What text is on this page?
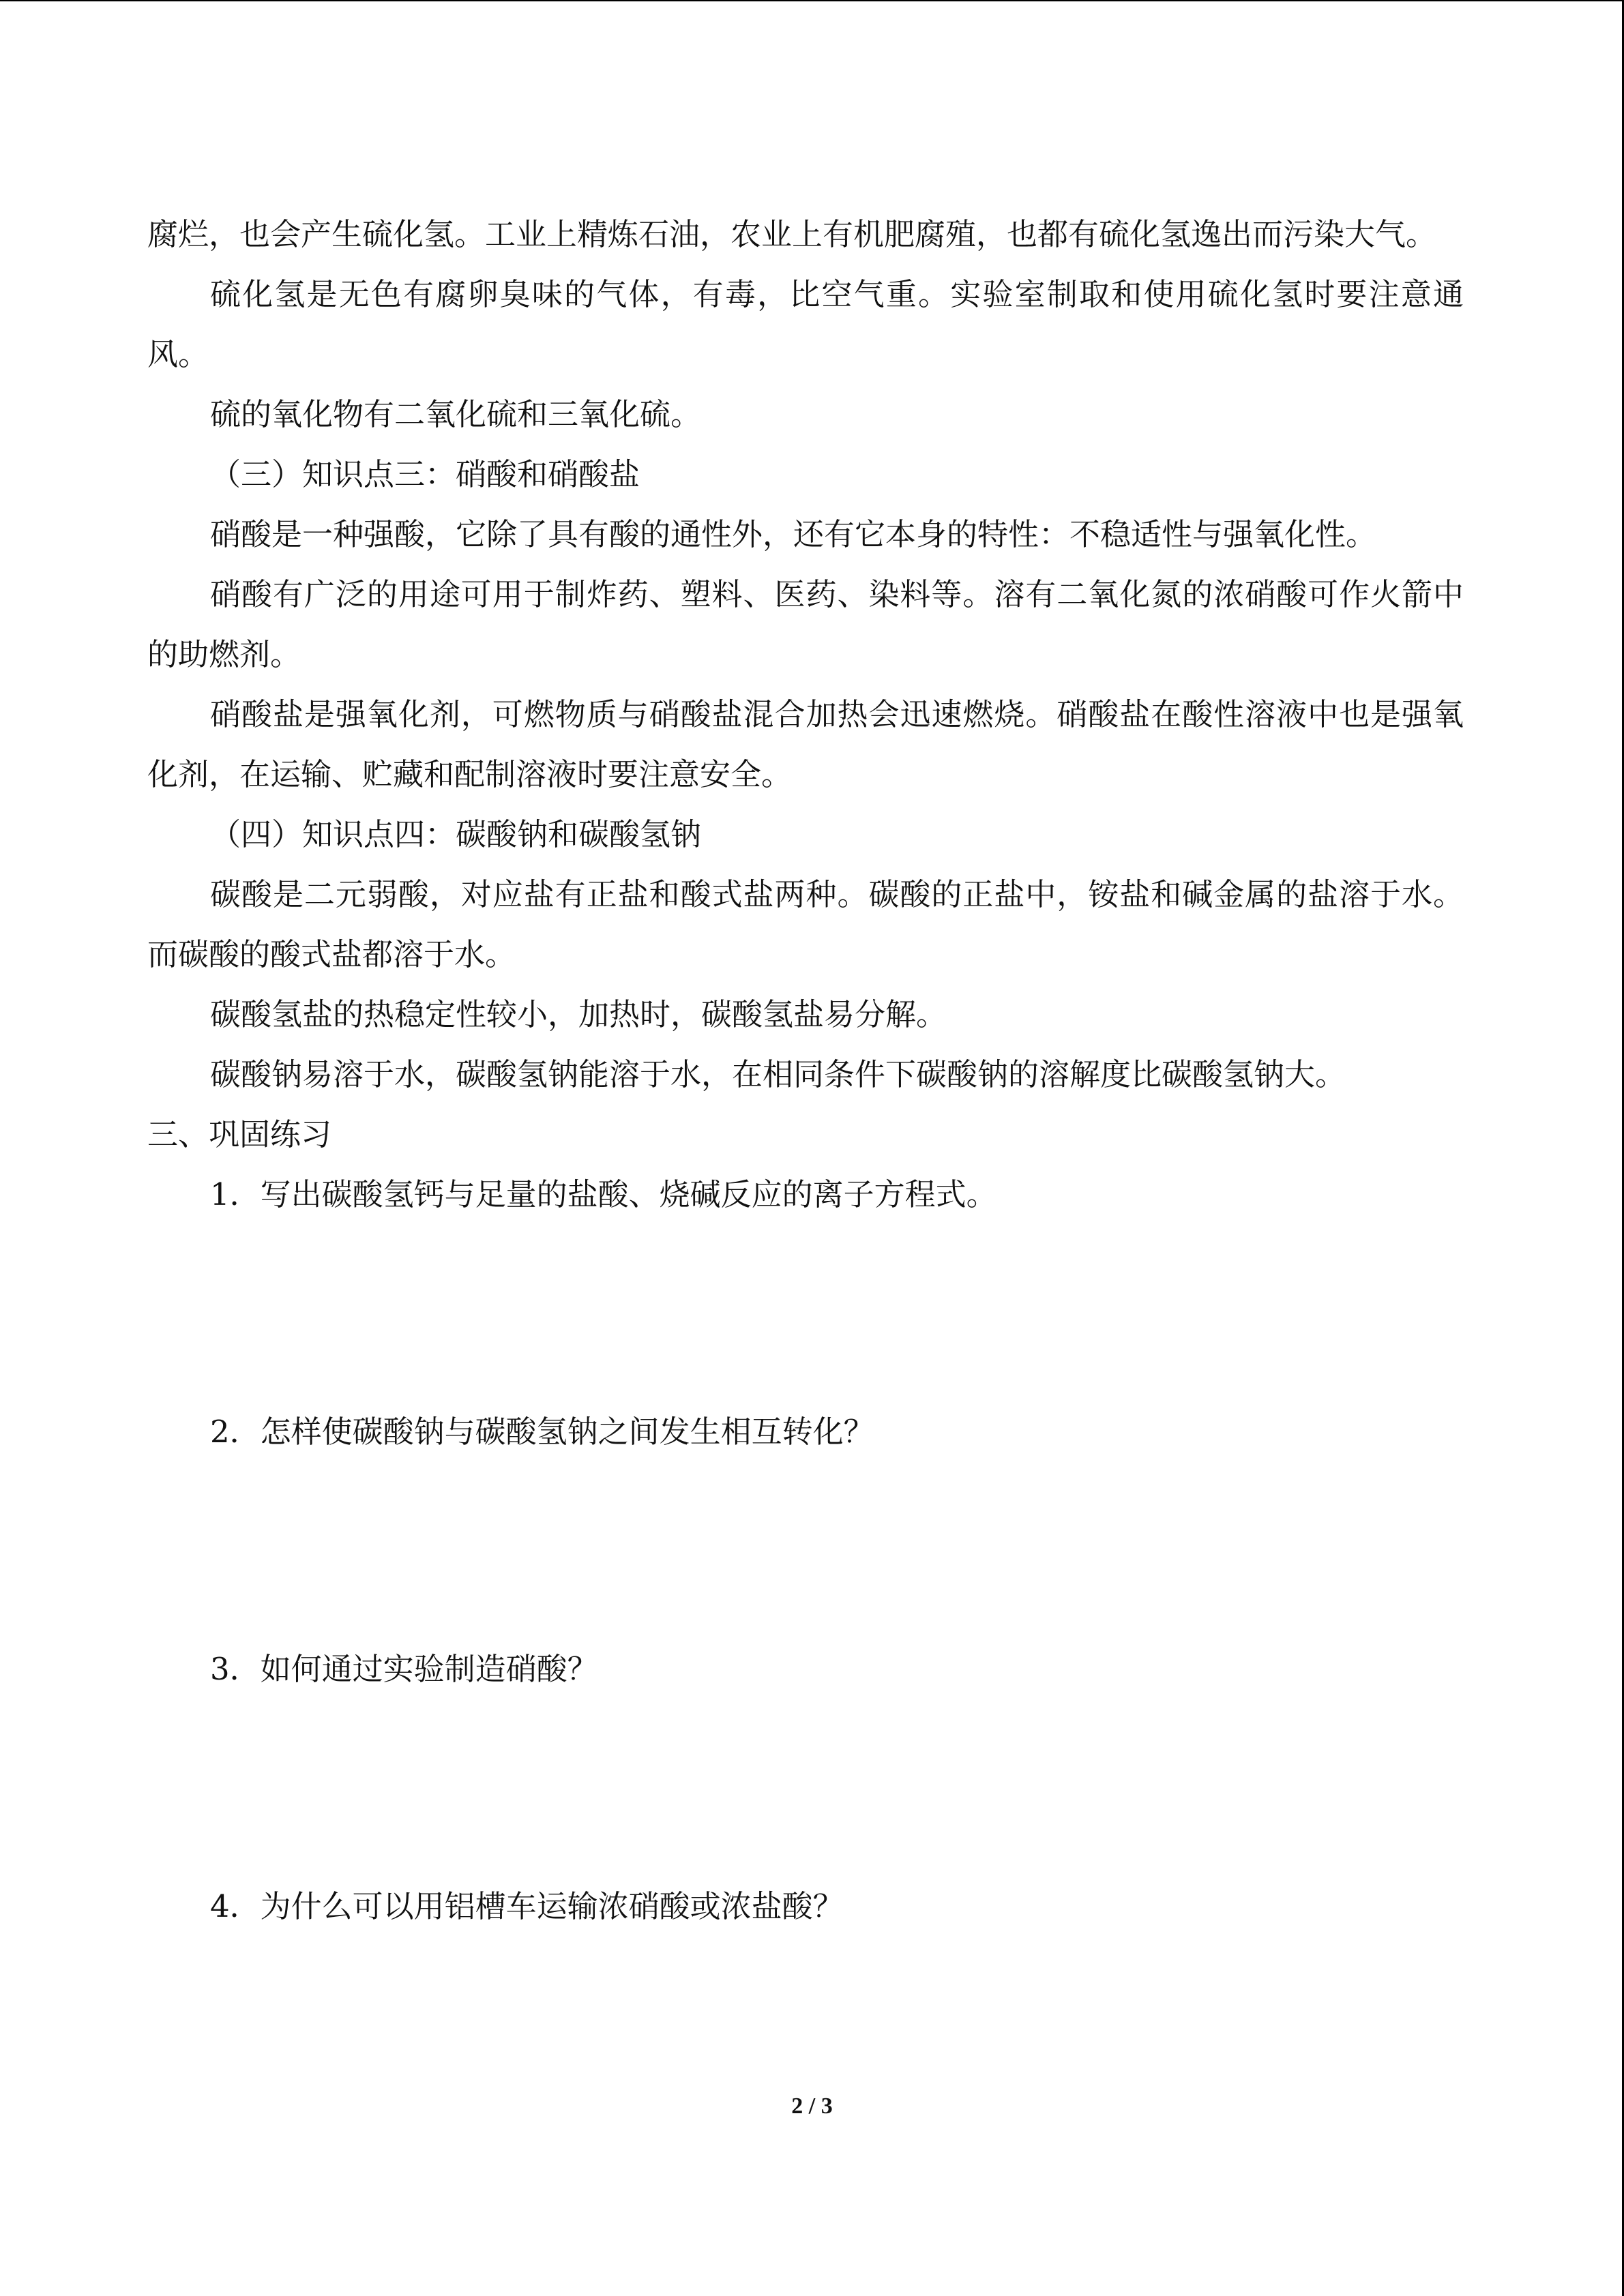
腐烂，也会产生硫化氢。工业上精炼石油，农业上有机肥腐殖，也都有硫化氢逸出而污染大气。

硫化氢是无色有腐卵臭味的气体，有毒，比空气重。实验室制取和使用硫化氢时要注意通风。

硫的氧化物有二氧化硫和三氧化硫。

（三）知识点三：硝酸和硝酸盐

硝酸是一种强酸，它除了具有酸的通性外，还有它本身的特性：不稳适性与强氧化性。

硝酸有广泛的用途可用于制炸药、塑料、医药、染料等。溶有二氧化氮的浓硝酸可作火箭中的助燃剂。

硝酸盐是强氧化剂，可燃物质与硝酸盐混合加热会迅速燃烧。硝酸盐在酸性溶液中也是强氧化剂，在运输、贮藏和配制溶液时要注意安全。

（四）知识点四：碳酸钠和碳酸氢钠

碳酸是二元弱酸，对应盐有正盐和酸式盐两种。碳酸的正盐中，铵盐和碱金属的盐溶于水。而碳酸的酸式盐都溶于水。

碳酸氢盐的热稳定性较小，加热时，碳酸氢盐易分解。

碳酸钠易溶于水，碳酸氢钠能溶于水，在相同条件下碳酸钠的溶解度比碳酸氢钠大。

三、巩固练习

1．写出碳酸氢钙与足量的盐酸、烧碱反应的离子方程式。

2．怎样使碳酸钠与碳酸氢钠之间发生相互转化？

3．如何通过实验制造硝酸？

4．为什么可以用铝槽车运输浓硝酸或浓盐酸？

2 / 3
